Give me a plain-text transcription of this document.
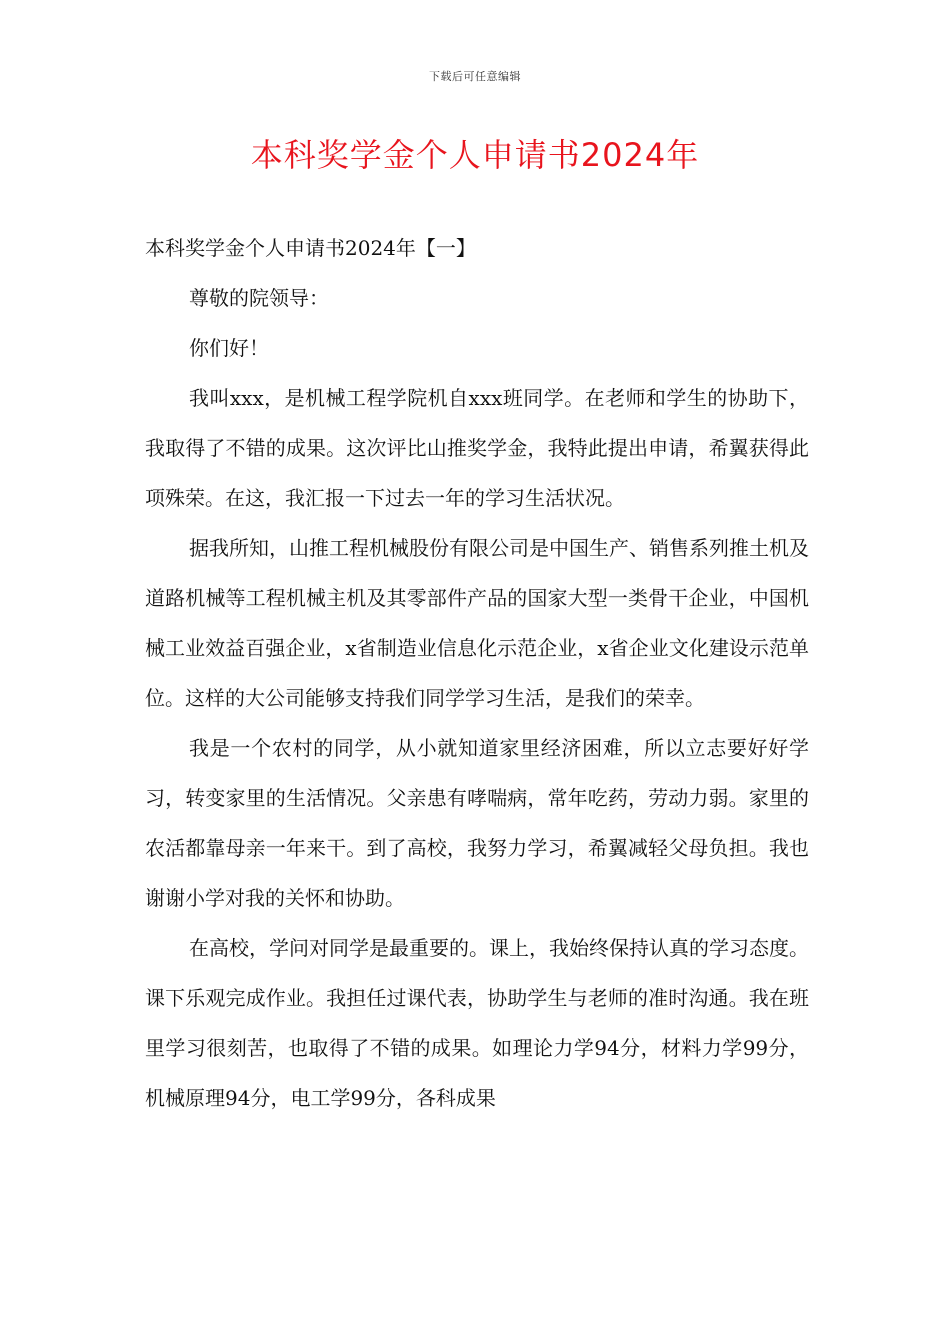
下载后可任意编辑
本科奖学金个人申请书2024年

本科奖学金个人申请书2024年【一】

尊敬的院领导：

你们好！

我叫xxx，是机械工程学院机自xxx班同学。在老师和学生的协助下，我取得了不错的成果。这次评比山推奖学金，我特此提出申请，希翼获得此项殊荣。在这，我汇报一下过去一年的学习生活状况。

据我所知，山推工程机械股份有限公司是中国生产、销售系列推土机及道路机械等工程机械主机及其零部件产品的国家大型一类骨干企业，中国机械工业效益百强企业，x省制造业信息化示范企业，x省企业文化建设示范单位。这样的大公司能够支持我们同学学习生活，是我们的荣幸。

我是一个农村的同学，从小就知道家里经济困难，所以立志要好好学习，转变家里的生活情况。父亲患有哮喘病，常年吃药，劳动力弱。家里的农活都靠母亲一年来干。到了高校，我努力学习，希翼减轻父母负担。我也谢谢小学对我的关怀和协助。

在高校，学问对同学是最重要的。课上，我始终保持认真的学习态度。课下乐观完成作业。我担任过课代表，协助学生与老师的准时沟通。我在班里学习很刻苦，也取得了不错的成果。如理论力学94分，材料力学99分，机械原理94分，电工学99分，各科成果
